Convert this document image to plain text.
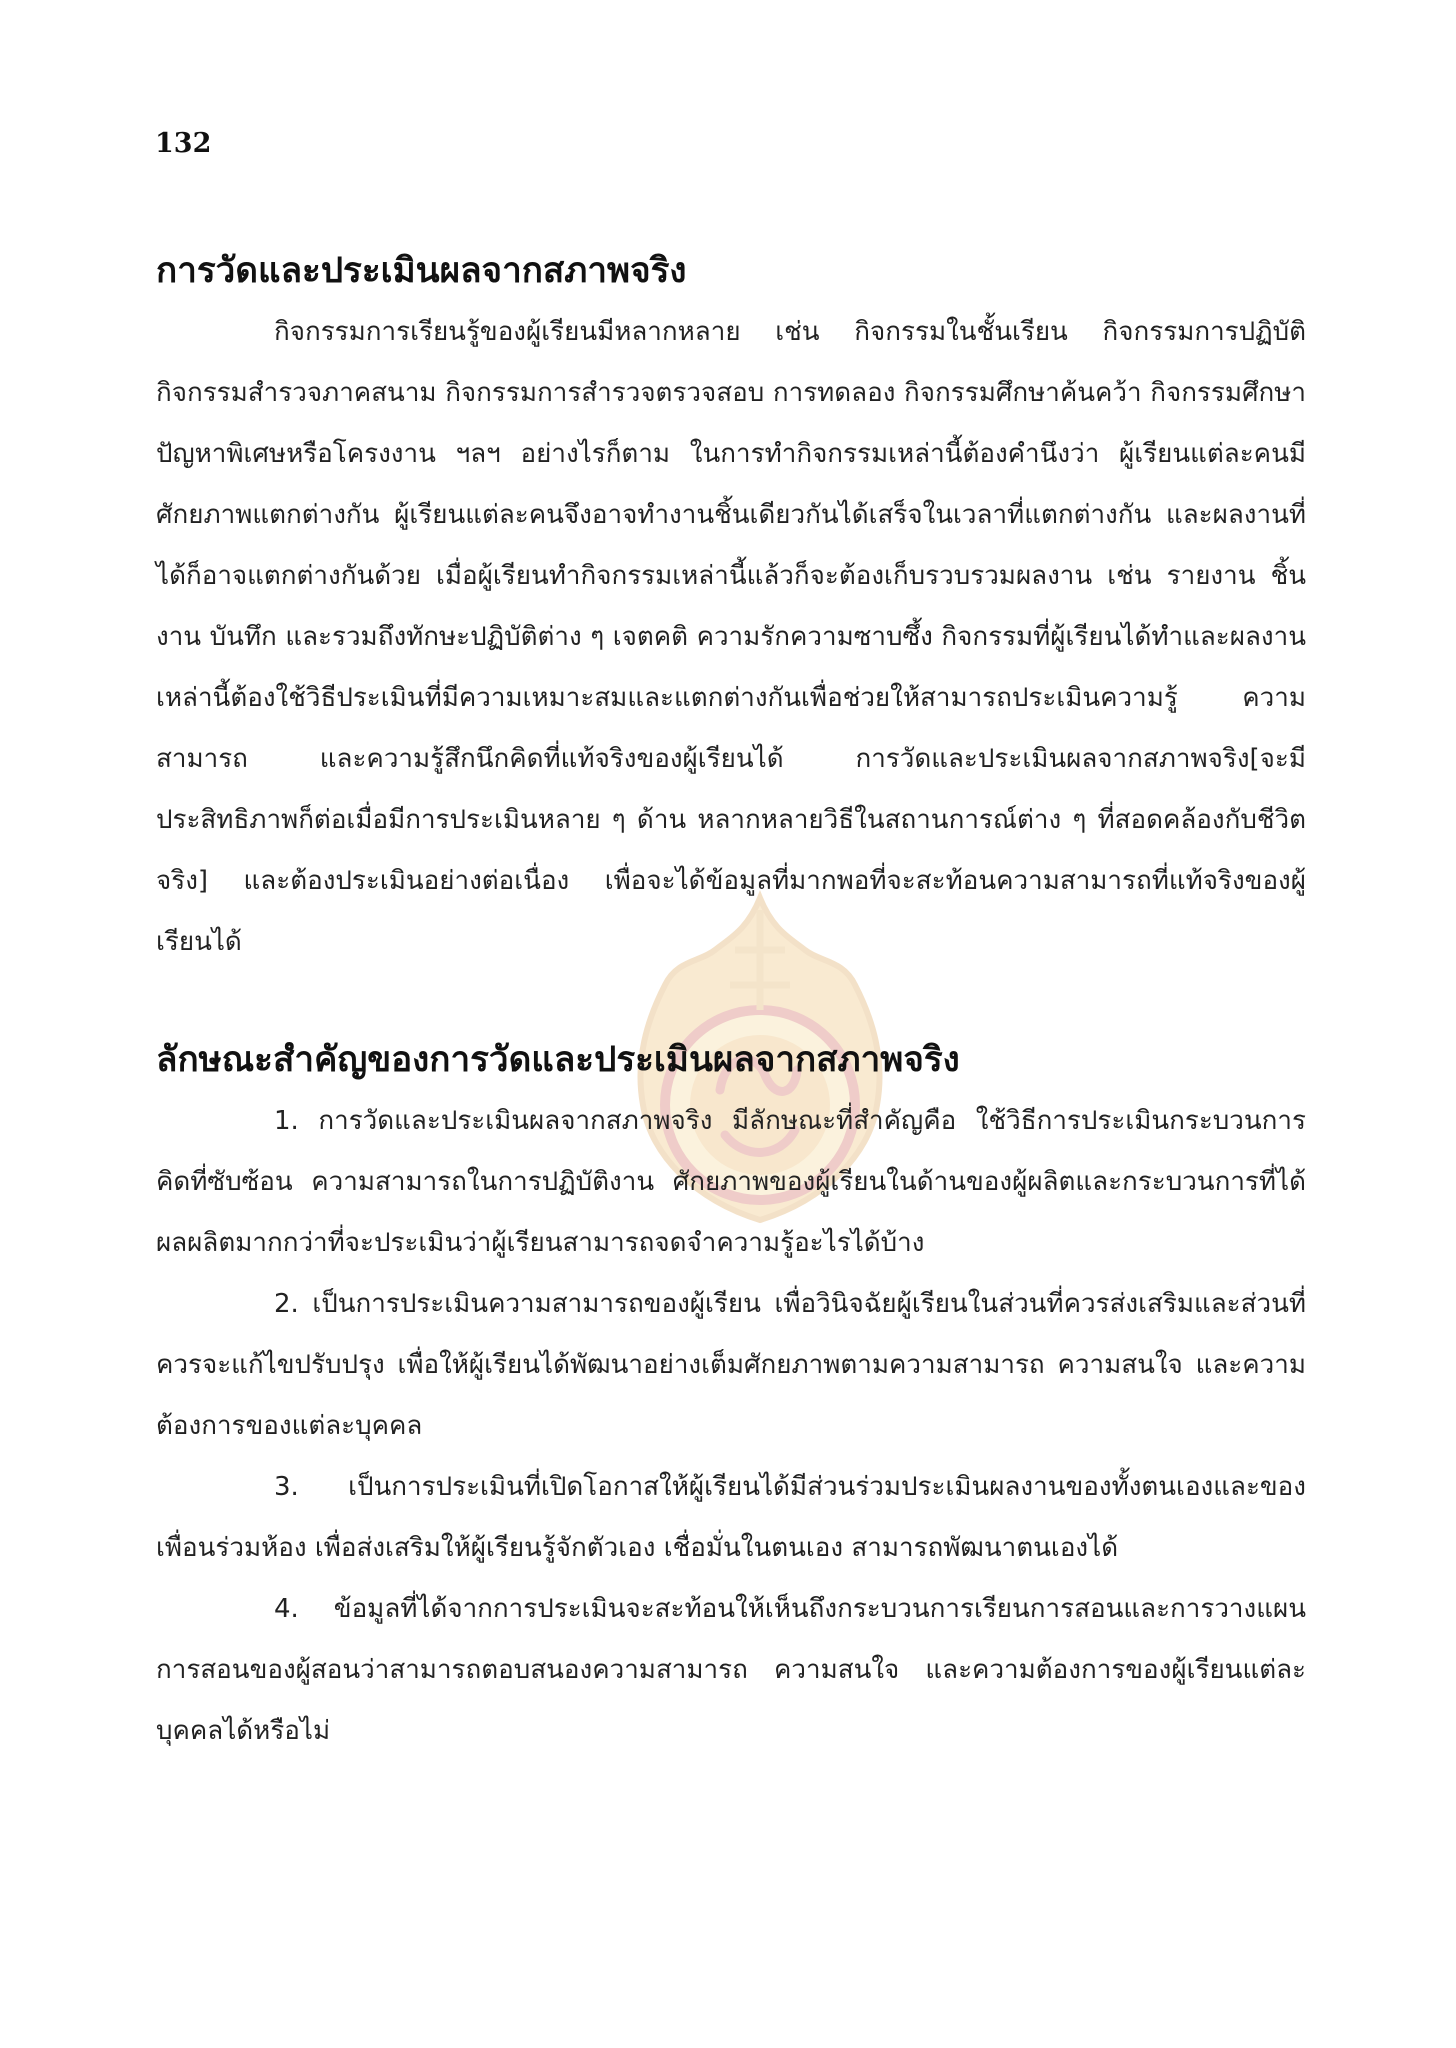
132
การวัดและประเมินผลจากสภาพจริง

กิจกรรมการเรียนรู้ของผู้เรียนมีหลากหลาย เช่น กิจกรรมในชั้นเรียน กิจกรรมการปฏิบัติ กิจกรรมสำรวจภาคสนาม กิจกรรมการสำรวจตรวจสอบ การทดลอง กิจกรรมศึกษาค้นคว้า กิจกรรมศึกษาปัญหาพิเศษหรือโครงงาน ฯลฯ อย่างไรก็ตาม ในการทำกิจกรรมเหล่านี้ต้องคำนึงว่า ผู้เรียนแต่ละคนมีศักยภาพแตกต่างกัน ผู้เรียนแต่ละคนจึงอาจทำงานชิ้นเดียวกันได้เสร็จในเวลาที่แตกต่างกัน และผลงานที่ได้ก็อาจแตกต่างกันด้วย เมื่อผู้เรียนทำกิจกรรมเหล่านี้แล้วก็จะต้องเก็บรวบรวมผลงาน เช่น รายงาน ชิ้นงาน บันทึก และรวมถึงทักษะปฏิบัติต่าง ๆ เจตคติ ความรักความซาบซึ้ง กิจกรรมที่ผู้เรียนได้ทำและผลงานเหล่านี้ต้องใช้วิธีประเมินที่มีความเหมาะสมและแตกต่างกันเพื่อช่วยให้สามารถประเมินความรู้ ความสามารถ และความรู้สึกนึกคิดที่แท้จริงของผู้เรียนได้ การวัดและประเมินผลจากสภาพจริง[จะมีประสิทธิภาพก็ต่อเมื่อมีการประเมินหลาย ๆ ด้าน หลากหลายวิธีในสถานการณ์ต่าง ๆ ที่สอดคล้องกับชีวิตจริง] และต้องประเมินอย่างต่อเนื่อง เพื่อจะได้ข้อมูลที่มากพอที่จะสะท้อนความสามารถที่แท้จริงของผู้เรียนได้

ลักษณะสำคัญของการวัดและประเมินผลจากสภาพจริง

1. การวัดและประเมินผลจากสภาพจริง มีลักษณะที่สำคัญคือ ใช้วิธีการประเมินกระบวนการคิดที่ซับซ้อน ความสามารถในการปฏิบัติงาน ศักยภาพของผู้เรียนในด้านของผู้ผลิตและกระบวนการที่ได้ผลผลิตมากกว่าที่จะประเมินว่าผู้เรียนสามารถจดจำความรู้อะไรได้บ้าง

2. เป็นการประเมินความสามารถของผู้เรียน เพื่อวินิจฉัยผู้เรียนในส่วนที่ควรส่งเสริมและส่วนที่ควรจะแก้ไขปรับปรุง เพื่อให้ผู้เรียนได้พัฒนาอย่างเต็มศักยภาพตามความสามารถ ความสนใจ และความต้องการของแต่ละบุคคล

3. เป็นการประเมินที่เปิดโอกาสให้ผู้เรียนได้มีส่วนร่วมประเมินผลงานของทั้งตนเองและของเพื่อนร่วมห้อง เพื่อส่งเสริมให้ผู้เรียนรู้จักตัวเอง เชื่อมั่นในตนเอง สามารถพัฒนาตนเองได้

4. ข้อมูลที่ได้จากการประเมินจะสะท้อนให้เห็นถึงกระบวนการเรียนการสอนและการวางแผนการสอนของผู้สอนว่าสามารถตอบสนองความสามารถ ความสนใจ และความต้องการของผู้เรียนแต่ละบุคคลได้หรือไม่
